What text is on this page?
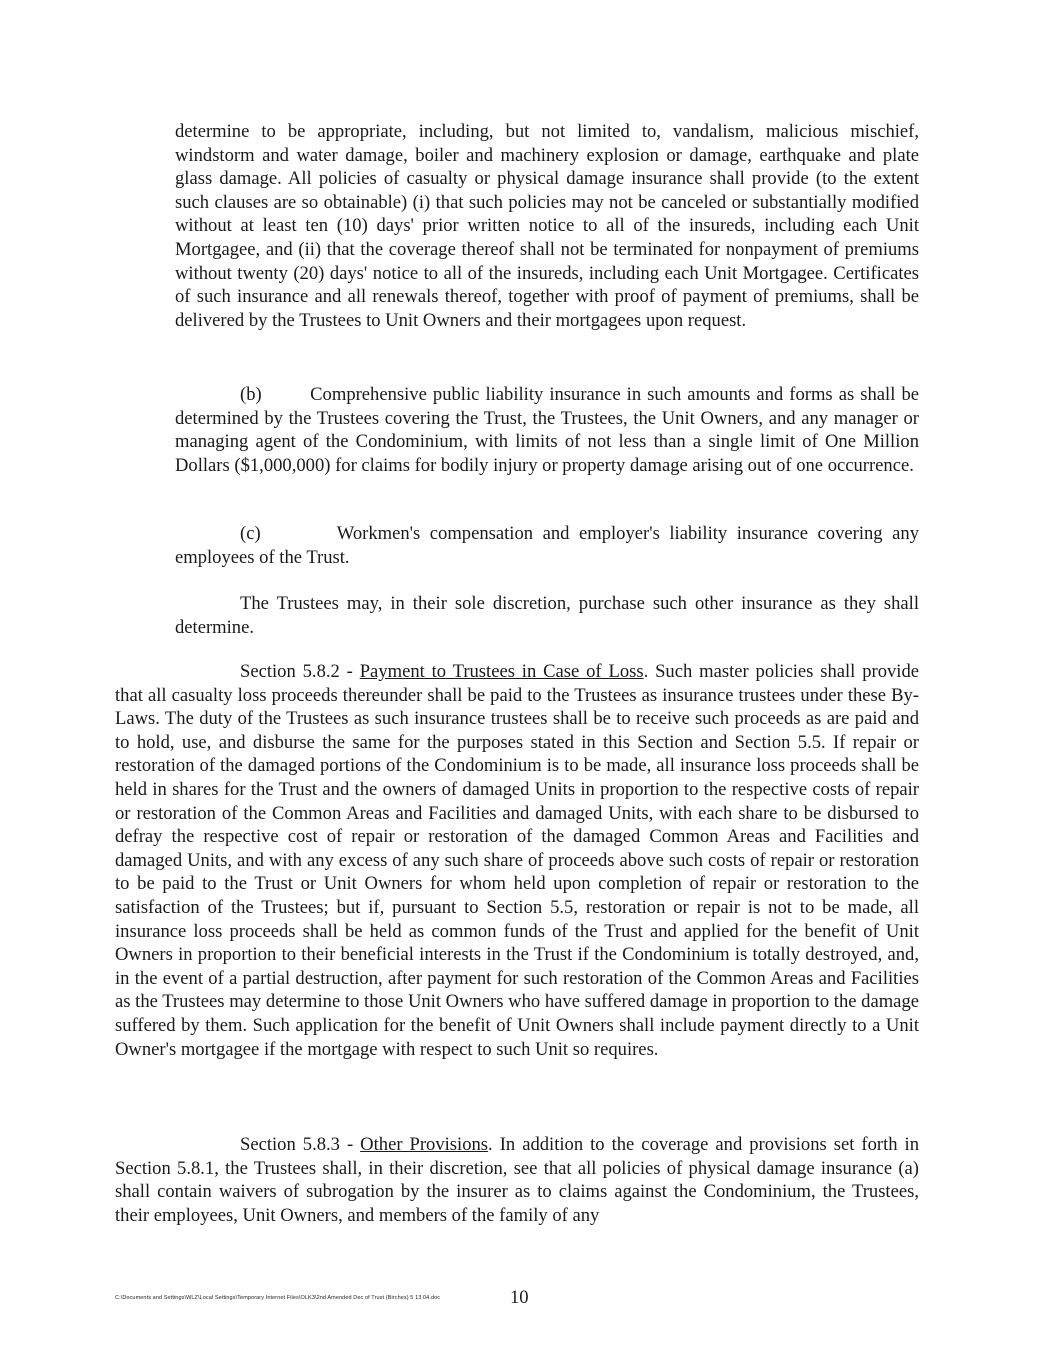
determine to be appropriate, including, but not limited to, vandalism, malicious mischief, windstorm and water damage, boiler and machinery explosion or damage, earthquake and plate glass damage. All policies of casualty or physical damage insurance shall provide (to the extent such clauses are so obtainable) (i) that such policies may not be canceled or substantially modified without at least ten (10) days' prior written notice to all of the insureds, including each Unit Mortgagee, and (ii) that the coverage thereof shall not be terminated for nonpayment of premiums without twenty (20) days' notice to all of the insureds, including each Unit Mortgagee. Certificates of such insurance and all renewals thereof, together with proof of payment of premiums, shall be delivered by the Trustees to Unit Owners and their mortgagees upon request.

(b)	Comprehensive public liability insurance in such amounts and forms as shall be determined by the Trustees covering the Trust, the Trustees, the Unit Owners, and any manager or managing agent of the Condominium, with limits of not less than a single limit of One Million Dollars ($1,000,000) for claims for bodily injury or property damage arising out of one occurrence.

(c)	Workmen's compensation and employer's liability insurance covering any employees of the Trust.

The Trustees may, in their sole discretion, purchase such other insurance as they shall determine.

Section 5.8.2 - Payment to Trustees in Case of Loss. Such master policies shall provide that all casualty loss proceeds thereunder shall be paid to the Trustees as insurance trustees under these By-Laws. The duty of the Trustees as such insurance trustees shall be to receive such proceeds as are paid and to hold, use, and disburse the same for the purposes stated in this Section and Section 5.5. If repair or restoration of the damaged portions of the Condominium is to be made, all insurance loss proceeds shall be held in shares for the Trust and the owners of damaged Units in proportion to the respective costs of repair or restoration of the Common Areas and Facilities and damaged Units, with each share to be disbursed to defray the respective cost of repair or restoration of the damaged Common Areas and Facilities and damaged Units, and with any excess of any such share of proceeds above such costs of repair or restoration to be paid to the Trust or Unit Owners for whom held upon completion of repair or restoration to the satisfaction of the Trustees; but if, pursuant to Section 5.5, restoration or repair is not to be made, all insurance loss proceeds shall be held as common funds of the Trust and applied for the benefit of Unit Owners in proportion to their beneficial interests in the Trust if the Condominium is totally destroyed, and, in the event of a partial destruction, after payment for such restoration of the Common Areas and Facilities as the Trustees may determine to those Unit Owners who have suffered damage in proportion to the damage suffered by them. Such application for the benefit of Unit Owners shall include payment directly to a Unit Owner's mortgagee if the mortgage with respect to such Unit so requires.

Section 5.8.3 - Other Provisions. In addition to the coverage and provisions set forth in Section 5.8.1, the Trustees shall, in their discretion, see that all policies of physical damage insurance (a) shall contain waivers of subrogation by the insurer as to claims against the Condominium, the Trustees, their employees, Unit Owners, and members of the family of any

C:\Documents and Settings\WLZ\Local Settings\Temporary Internet Files\OLK3\2nd Amended Dec of Trust (Birches) 5 13 04.doc	10
